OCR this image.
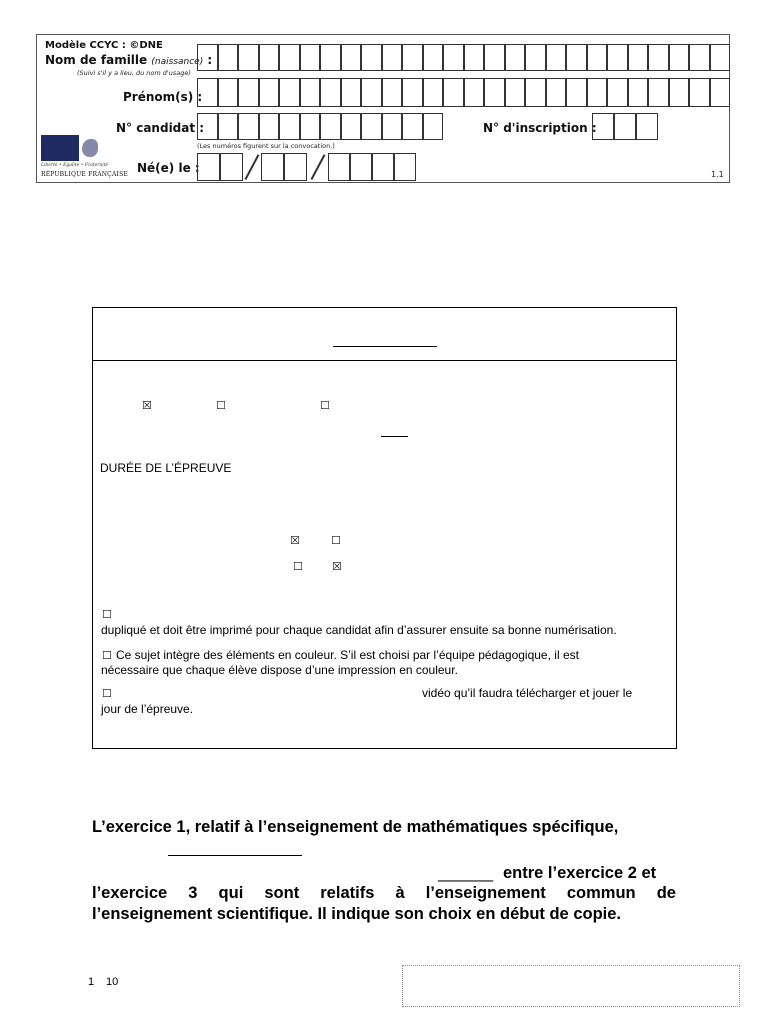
Modèle CCYC : ©DNE
Nom de famille (naissance) :
(Suivi s'il y a lieu, du nom d'usage)
Prénom(s) :
N° candidat :	N° d'inscription :
(Les numéros figurent sur la convocation.)
Né(e) le :	1.1
Liberté • Égalité • Fraternité
RÉPUBLIQUE FRANÇAISE
☒	☐	☐
DURÉE DE L’ÉPREUVE
☒	☐
☐	☒
☐
dupliqué et doit être imprimé pour chaque candidat afin d’assurer ensuite sa bonne numérisation.
☐ Ce sujet intègre des éléments en couleur. S’il est choisi par l’équipe pédagogique, il est
nécessaire que chaque élève dispose d’une impression en couleur.
☐	vidéo qu’il faudra télécharger et jouer le
jour de l’épreuve.
L’exercice 1, relatif à l’enseignement de mathématiques spécifique,
______ entre l’exercice 2 et
l’exercice 3 qui sont relatifs à l’enseignement commun de
l’enseignement scientifique. Il indique son choix en début de copie.
1 10
